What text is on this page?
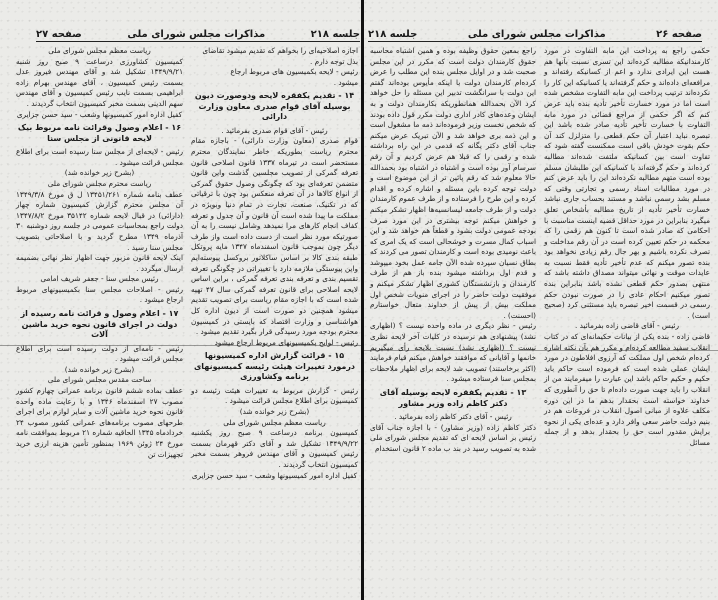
جلسه ۲۱۸
مذاکرات مجلس شورای ملی
صفحه ۲۷

اجازه اصلاحیه‌ای را بخواهم که تقدیم میشود تقاضای

بذل توجه دارم .

رئیس - لایحه بکمیسیون های مربوط ارجاع

میشود .

۱۴ - تقدیم یکفقره لایحه ودوصورت دیون بوسیله آقای قوام صدری معاون وزارت دارائی

رئیس - آقای قوام صدری بفرمائید .

قوام صدری (معاون وزارت دارائی) - باجازه مقام محترم ریاست بطوریکه خاطر نمایندگان محترم مستحضر است در تیرماه ۱۳۳۷ قانون اصلاحی قانون تعرفه گمرکی از تصویب مجلسین گذشت واین قانون متضمن تعرفه‌ای بود که چگونگی وصول حقوق گمرکی از انواع کالاها در آن تعرفه منعکس بود چون با ترقیاتی که در تکنیک، صنعت، تجارت در تمام دنیا وبویژه در مملکت ما پیدا شده است آن قانون و آن جدول و تعرفه کفاف انجام کارهای مرا نمیدهد وشامل نیست را به آن صورتیکه مورد نظر است از دست داده است واز طرف دیگر چون بموجب قانون اسفندماه ۱۳۴۷ مایه پروتکل طبقه بندی کالا بر اساس ساکلاتور بروکسل پیوسته‌ایم واین پیوستگی ملازمه دارد با تغییراتی در چگونگی تعرفه تقسیم بندی و تعرفه بندی تعرفه گمرکی ، براین اساس لایحه اصلاحی برای قانون تعرفه گمرکی سال ۴۷ تهیه شده است که با اجازه مقام ریاست برای تصویب تقدیم میشود همچنین دو صورت است از دیون اداره کل هواشناسی و وزارت اقتصاد که بایستی در کمیسیون محترم بودجه مورد رسیدگی قرار بگیرد تقدیم میشود .

رئیس - لوایح بکمیسیونهای مربوط ارجاع میشود

۱۵ - قرائت گزارش اداره کمیسیونها درمورد تغییرات هیئت رئیسه کمیسیونهای برنامه وکشاورزی

رئیس - گزارش مربوط به تغییرات هیئت رئیسه دو کمیسیون برای اطلاع مجلس قرائت میشود .

(بشرح زیر خوانده شد)

ریاست معظم مجلس شورای ملی

کمیسیون برنامه درساعت ۹ صبح روز یکشنبه ۱۳۴۹/۹/۲۲ تشکیل شد و آقای دکتر قهرمان بسمت رئیس کمیسیون و آقای مهندس فروهر بسمت مخبر کمیسیون انتخاب گردیدند .

کفیل اداره امور کمیسیونها وشعب - سید حسن جزایری

ریاست معظم مجلس شورای ملی

کمیسیون کشاورزی درساعت ۹ صبح روز شنبه ۱۳۴۹/۹/۲۱ تشکیل شد و آقای مهندس فیروز عدل بسمت رئیس کمیسیون ، آقای مهندس بهرام زاده ابراهیمی بسمت نایب رئیس کمیسیون و آقای مهندس سهم الدینی بسمت مخبر کمیسیون انتخاب گردیدند .

کفیل اداره امور کمیسیونها وشعب - سید حسن جزایری

۱۶ - اعلام وصول وقرائت نامه مربوط بیک لایحه قانونی از مجلس سنا

رئیس - لایحه‌ای از مجلس سنا رسیده است برای اطلاع مجلس قرائت میشود .

(بشرح زیر خوانده شد)

ریاست محترم مجلس شورای ملی

عطف بنامه شماره ۱۳۴۵۱/۲۶۱ ل ق مورخ ۱۳۴۹/۳/۸ آن مجلس محترم گزارش کمیسیون شماره چهار (دارائی) در قبال لایحه شماره ۳۵۱۴۲ مورخ ۱۳۴۷/۸/۲ دولت راجع بمحاسبات عمومی در جلسه روز دوشنبه ۳۰ آذرماه ۱۳۴۹ مطرح گردید و با اصلاحاتی بتصویب مجلس سنا رسید .

اینک لایحه قانون مزبور جهت اظهار نظر نهائی بضمیمه ارسال میگردد .

رئیس مجلس سنا - جعفر شریف امامی

رئیس - اصلاحات مجلس سنا بکمیسیونهای مربوط ارجاع میشود .

۱۷ - اعلام وصول و قرائت نامه رسیده از دولت در اجرای قانون نحوه خرید ماشین آلات

رئیس - نامه‌ای از دولت رسیده است برای اطلاع مجلس قرائت میشود .

(بشرح زیر خوانده شد)

ساحت مقدس مجلس شورای ملی

عطف بماده ششم قانون برنامه عمرانی چهارم کشور مصوب ۲۷ اسفندماه ۱۳۴۶ و با رعایت ماده واحده قانون نحوه خرید ماشین آلات و سایر لوازم برای اجرای طرحهای مصوب برنامه‌های عمرانی کشور مصوب ۲۴ خردادماه ۱۳۴۵ الحاقیه شماره ۲۱ مربوط بموافقت نامه مورخ ۲۴ ژوئن ۱۹۶۹ بمنظور تأمین هزینه ارزی خرید تجهیزات تن

صفحه ۲۶
مذاکرات مجلس شورای ملی
جلسه ۲۱۸

حکمی راجع به پرداخت این مابه التفاوت در مورد کارمندانیکه مطالبه کرده‌اند این تسری نسبت بآنها هم هست این ایرادی ندارد و اعم از کسانیکه رفته‌اند و مرافعه‌ای داده‌اند و حکم گرفته‌اند یا کسانیکه این کار را نکرده‌اند ترتیب پرداخت این مابه التفاوت مشخص شده است اما در مورد خسارت تأخیر تأدیه بنده باید عرض کنم که اگر حکمی از مراجع قضائی در مورد مابه التفاوت با خسارت تأخیر تأدیه صادر شده باشد این تبصره نباید اعتبار آن حکم قطعی را متزلزل کند آن حکم بقوت خودش باقی است ممکنست گفته شود که تفاوت است بین کسانیکه ملتفت شده‌اند مطالبه کرده‌اند و حکم گرفته‌اند با کسانیکه این طلبشان مسلم بوده است متهم مطالبه نکرده‌اند این را باید عرض کنم در مورد مطالبات اسناد رسمی و تجارتی وقتی که مسلم بشد رسمی نباشد و مستند بحساب جاری نباشد خسارت تأخیر تأدیه از تاریخ مطالبه بأشخاص تعلق میگیرد بنابراین در مورد حداقل قضیه اینست مناسبت با احکامی که صادر شده است تا کنون هم رقمی را که محکمه در حکم تعیین کرده است در آن رقم مداخلت و تصرف نکرده باشیم و بهر حال رقم زیادی نخواهد بود بنده تصور میکنم که عدم تأخیر تأدیه فقط نسبت به عایدات موقت و نهائی میتواند مصداق داشته باشد که منتهی بصدور حکم قطعی نشده باشد بنابراین بنده تصور میکنیم احکام عادی را در صورت نبودن حکم رسمی در قسمت اخیر تبصره باید مستثنی کرد (صحیح است) .

رئیس - آقای قاضی زاده بفرمائید .

قاضی زاده - بنده یکی از بیانات حکیمانه‌ای که در کتاب انقلاب سفید مطالعه کرده‌ام و مکرر هم بآن نکته اشاره کرده‌ام شخص اول مملکت که آرزوی افلاطون در مورد ایشان عملی شده است که فرموده است حاکم باید حکیم و حکیم حاکم باشد این عبارت را میفرمایند من از انقلاب را باید جهت صورت داده‌ام تا حق را آنطوری که خداوند خواسته است بحقدار بدهم ما در این دوره مکلف علاوه از مبانی اصول انقلاب در فروعات هم در بنیم دولت حاضر سعی وافر دارد و عده‌ای یکی از نحوه برایش مقدور است حق را بحقدار بدهد و از جمله مسائل

راجع بمعین حقوق وظیفه بوده و همین اشتباه محاسبه حقوق کارمندان دولت است که مکرر در این مجلس صحبت شد و در اوایل مجلس بنده این مطلب را عرض کرده‌ام کارمندان دولت با اینکه مأیوس بوده‌اند گفتم این دولت با سرانگشت تدبیر این مسئله را حل خواهد کرد الآن بحمدالله همانطوریکه بکارمندان دولت و به ایشان وعده‌های کادر اداری دولت مکرر قول داده بودند که شخص نخست وزیر فرموده‌اند ذمه ما مشغول است و این ذمه بری خواهد شد و الآن تبریک عرض میکنم جناب آقای دکتر یگانه که قدمی در این راه برداشته شده و رقمی را که قبلا هم عرض کردیم و آن رقم سرسام آور بوده است و اشتباه در اشتباه بود بحمدالله حالا معلوم شد که رقم پائین تر از این موضوع است و دولت توجه کرده باین مسئله و اشاره کرده و اقدام کرده و این طرح را فرستاده و از طرف عموم کارمندان دولت و از طرف جامعه لیسانسیه‌ها اظهار تشکر میکنم و خواهش میکنم توجه بیشتری در این مورد صرف بودجه عمومی دولت بشود و قطعاً هم خواهد شد و این اسباب کمال مسرت و خوشحالی است که یک امری که باعث نومیدی بوده است و کارمندان تصور می کردند که بطاق نسیان سپرده شده الآن جامه عمل بخود میپوشد و قدم اول برداشته میشود بنده باز هم از طرف کارمندان و بازنشستگان کشوری اظهار تشکر میکنم و موفقیت دولت حاضر را در اجرای منویات شخص اول مملکت بیش از پیش از خداوند متعال خواستارم (احسنت) .

رئیس - نظر دیگری در ماده واحده نیست ؟ (اظهاری نشد) پیشنهادی هم نرسیده در کلیات آخر لایحه نظری نیست ؟ (اظهاری نشد) نسبت بلایحه رأی میگیریم خانمها و آقایانی که موافقند خواهش میکنم قیام فرمایند (اکثر برخاستند) تصویب شد لایحه برای اظهار ملاحظات بمجلس سنا فرستاده میشود .

۱۳ - تقدیم یکفقره لایحه بوسیله آقای دکتر کاظم زاده وزیر مشاور

رئیس - آقای دکتر کاظم زاده بفرمائید .

دکتر کاظم زاده (وزیر مشاور) - با اجازه جناب آقای رئیس بر اساس لایحه ای که تقدیم مجلس شورای ملی شده به تصویب رسید در بند ب ماده ۲ قانون استخدام
